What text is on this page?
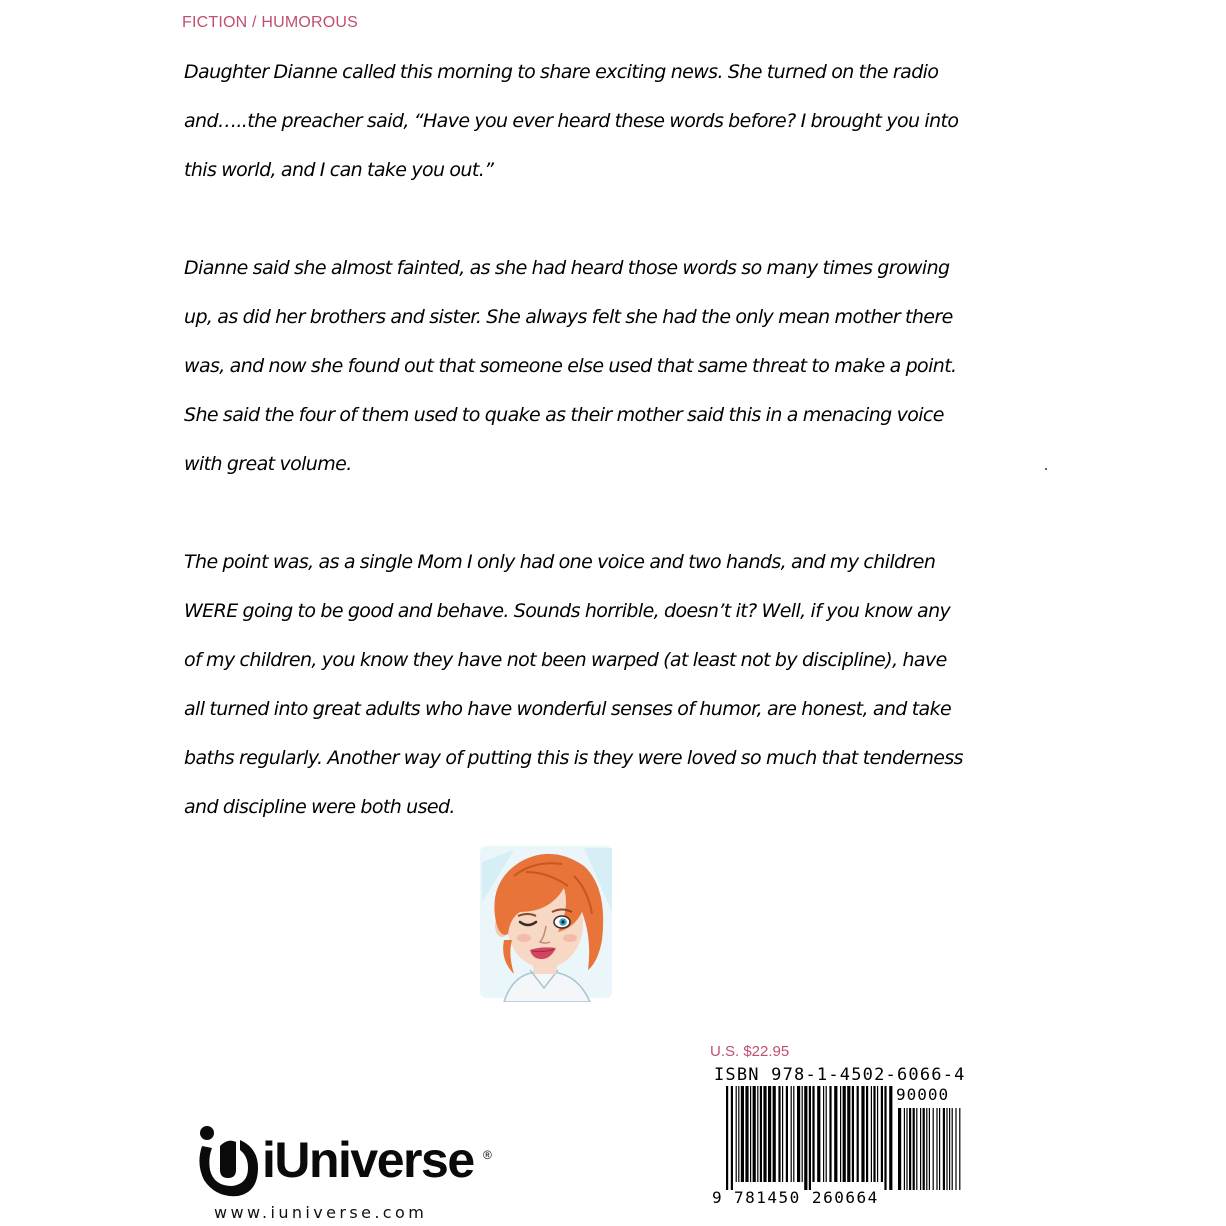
FICTION / HUMOROUS
Daughter Dianne called this morning to share exciting news. She turned on the radio
and…..the preacher said, “Have you ever heard these words before? I brought you into
this world, and I can take you out.”
Dianne said she almost fainted, as she had heard those words so many times growing
up, as did her brothers and sister. She always felt she had the only mean mother there
was, and now she found out that someone else used that same threat to make a point.
She said the four of them used to quake as their mother said this in a menacing voice
with great volume.
The point was, as a single Mom I only had one voice and two hands, and my children
WERE going to be good and behave. Sounds horrible, doesn’t it? Well, if you know any
of my children, you know they have not been warped (at least not by discipline), have
all turned into great adults who have wonderful senses of humor, are honest, and take
baths regularly. Another way of putting this is they were loved so much that tenderness
and discipline were both used.
U.S. $22.95
ISBN 978-1-4502-6066-4
90000
9 781450 260664
iUniverse ®
www.iuniverse.com
